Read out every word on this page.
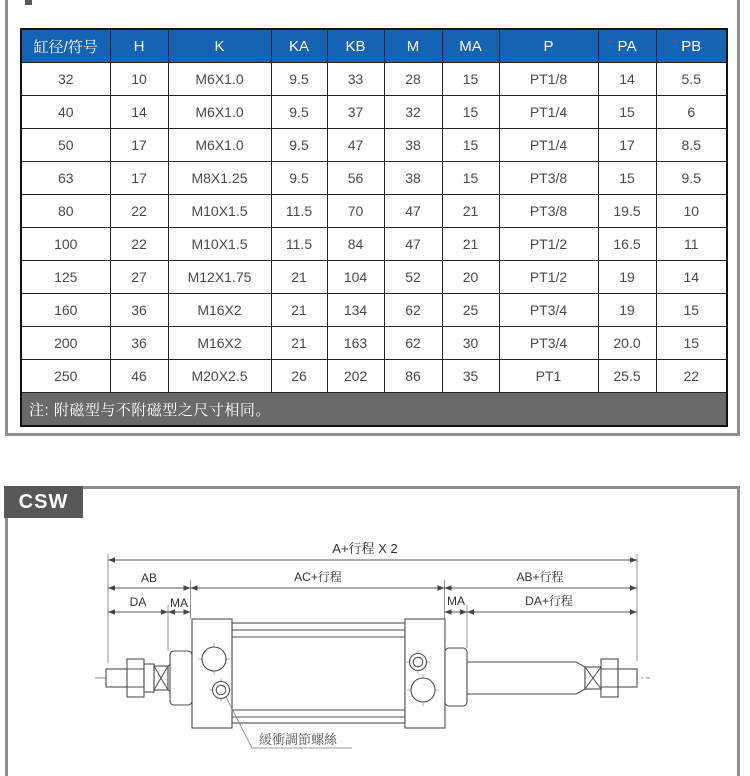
缸径/符号	H	K	KA	KB	M	MA	P	PA	PB
32	10	M6X1.0	9.5	33	28	15	PT1/8	14	5.5
40	14	M6X1.0	9.5	37	32	15	PT1/4	15	6
50	17	M6X1.0	9.5	47	38	15	PT1/4	17	8.5
63	17	M8X1.25	9.5	56	38	15	PT3/8	15	9.5
80	22	M10X1.5	11.5	70	47	21	PT3/8	19.5	10
100	22	M10X1.5	11.5	84	47	21	PT1/2	16.5	11
125	27	M12X1.75	21	104	52	20	PT1/2	19	14
160	36	M16X2	21	134	62	25	PT3/4	19	15
200	36	M16X2	21	163	62	30	PT3/4	20.0	15
250	46	M20X2.5	26	202	86	35	PT1	25.5	22
注: 附磁型与不附磁型之尺寸相同。									
CSW
A+行程 X 2
AB	AC+行程	AB+行程
DA MA	MA	DA+行程
緩衝調節螺絲
